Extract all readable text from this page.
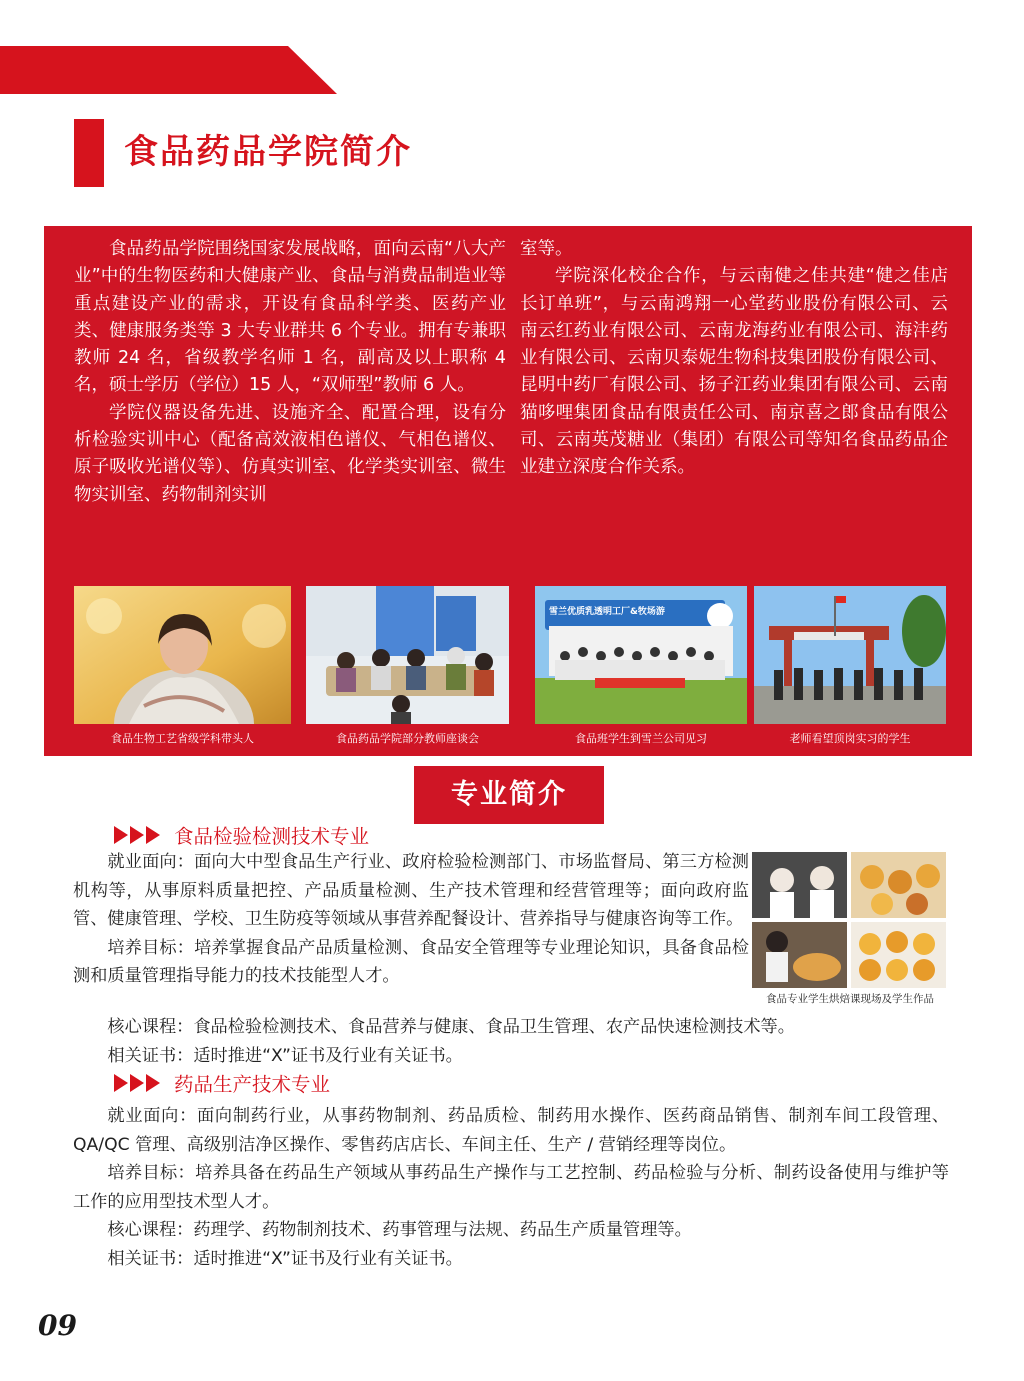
食品药品学院简介

食品药品学院围绕国家发展战略，面向云南“八大产业”中的生物医药和大健康产业、食品与消费品制造业等重点建设产业的需求，开设有食品科学类、医药产业类、健康服务类等 3 大专业群共 6 个专业。拥有专兼职教师 24 名，省级教学名师 1 名，副高及以上职称 4 名，硕士学历（学位）15 人，“双师型”教师 6 人。

学院仪器设备先进、设施齐全、配置合理，设有分析检验实训中心（配备高效液相色谱仪、气相色谱仪、原子吸收光谱仪等）、仿真实训室、化学类实训室、微生物实训室、药物制剂实训

室等。

学院深化校企合作，与云南健之佳共建“健之佳店长订单班”，与云南鸿翔一心堂药业股份有限公司、云南云红药业有限公司、云南龙海药业有限公司、海沣药业有限公司、云南贝泰妮生物科技集团股份有限公司、昆明中药厂有限公司、扬子江药业集团有限公司、云南猫哆哩集团食品有限责任公司、南京喜之郎食品有限公司、云南英茂糖业（集团）有限公司等知名食品药品企业建立深度合作关系。

雪兰优质乳透明工厂&牧场游
食品生物工艺省级学科带头人	食品药品学院部分教师座谈会	食品班学生到雪兰公司见习	老师看望顶岗实习的学生
专业简介
食品检验检测技术专业

就业面向：面向大中型食品生产行业、政府检验检测部门、市场监督局、第三方检测机构等，从事原料质量把控、产品质量检测、生产技术管理和经营管理等；面向政府监管、健康管理、学校、卫生防疫等领域从事营养配餐设计、营养指导与健康咨询等工作。

培养目标：培养掌握食品产品质量检测、食品安全管理等专业理论知识，具备食品检测和质量管理指导能力的技术技能型人才。

核心课程：食品检验检测技术、食品营养与健康、食品卫生管理、农产品快速检测技术等。

相关证书：适时推进“X”证书及行业有关证书。

食品专业学生烘焙课现场及学生作品
药品生产技术专业

就业面向：面向制药行业，从事药物制剂、药品质检、制药用水操作、医药商品销售、制剂车间工段管理、QA/QC 管理、高级别洁净区操作、零售药店店长、车间主任、生产 / 营销经理等岗位。

培养目标：培养具备在药品生产领域从事药品生产操作与工艺控制、药品检验与分析、制药设备使用与维护等工作的应用型技术型人才。

核心课程：药理学、药物制剂技术、药事管理与法规、药品生产质量管理等。

相关证书：适时推进“X”证书及行业有关证书。

09
